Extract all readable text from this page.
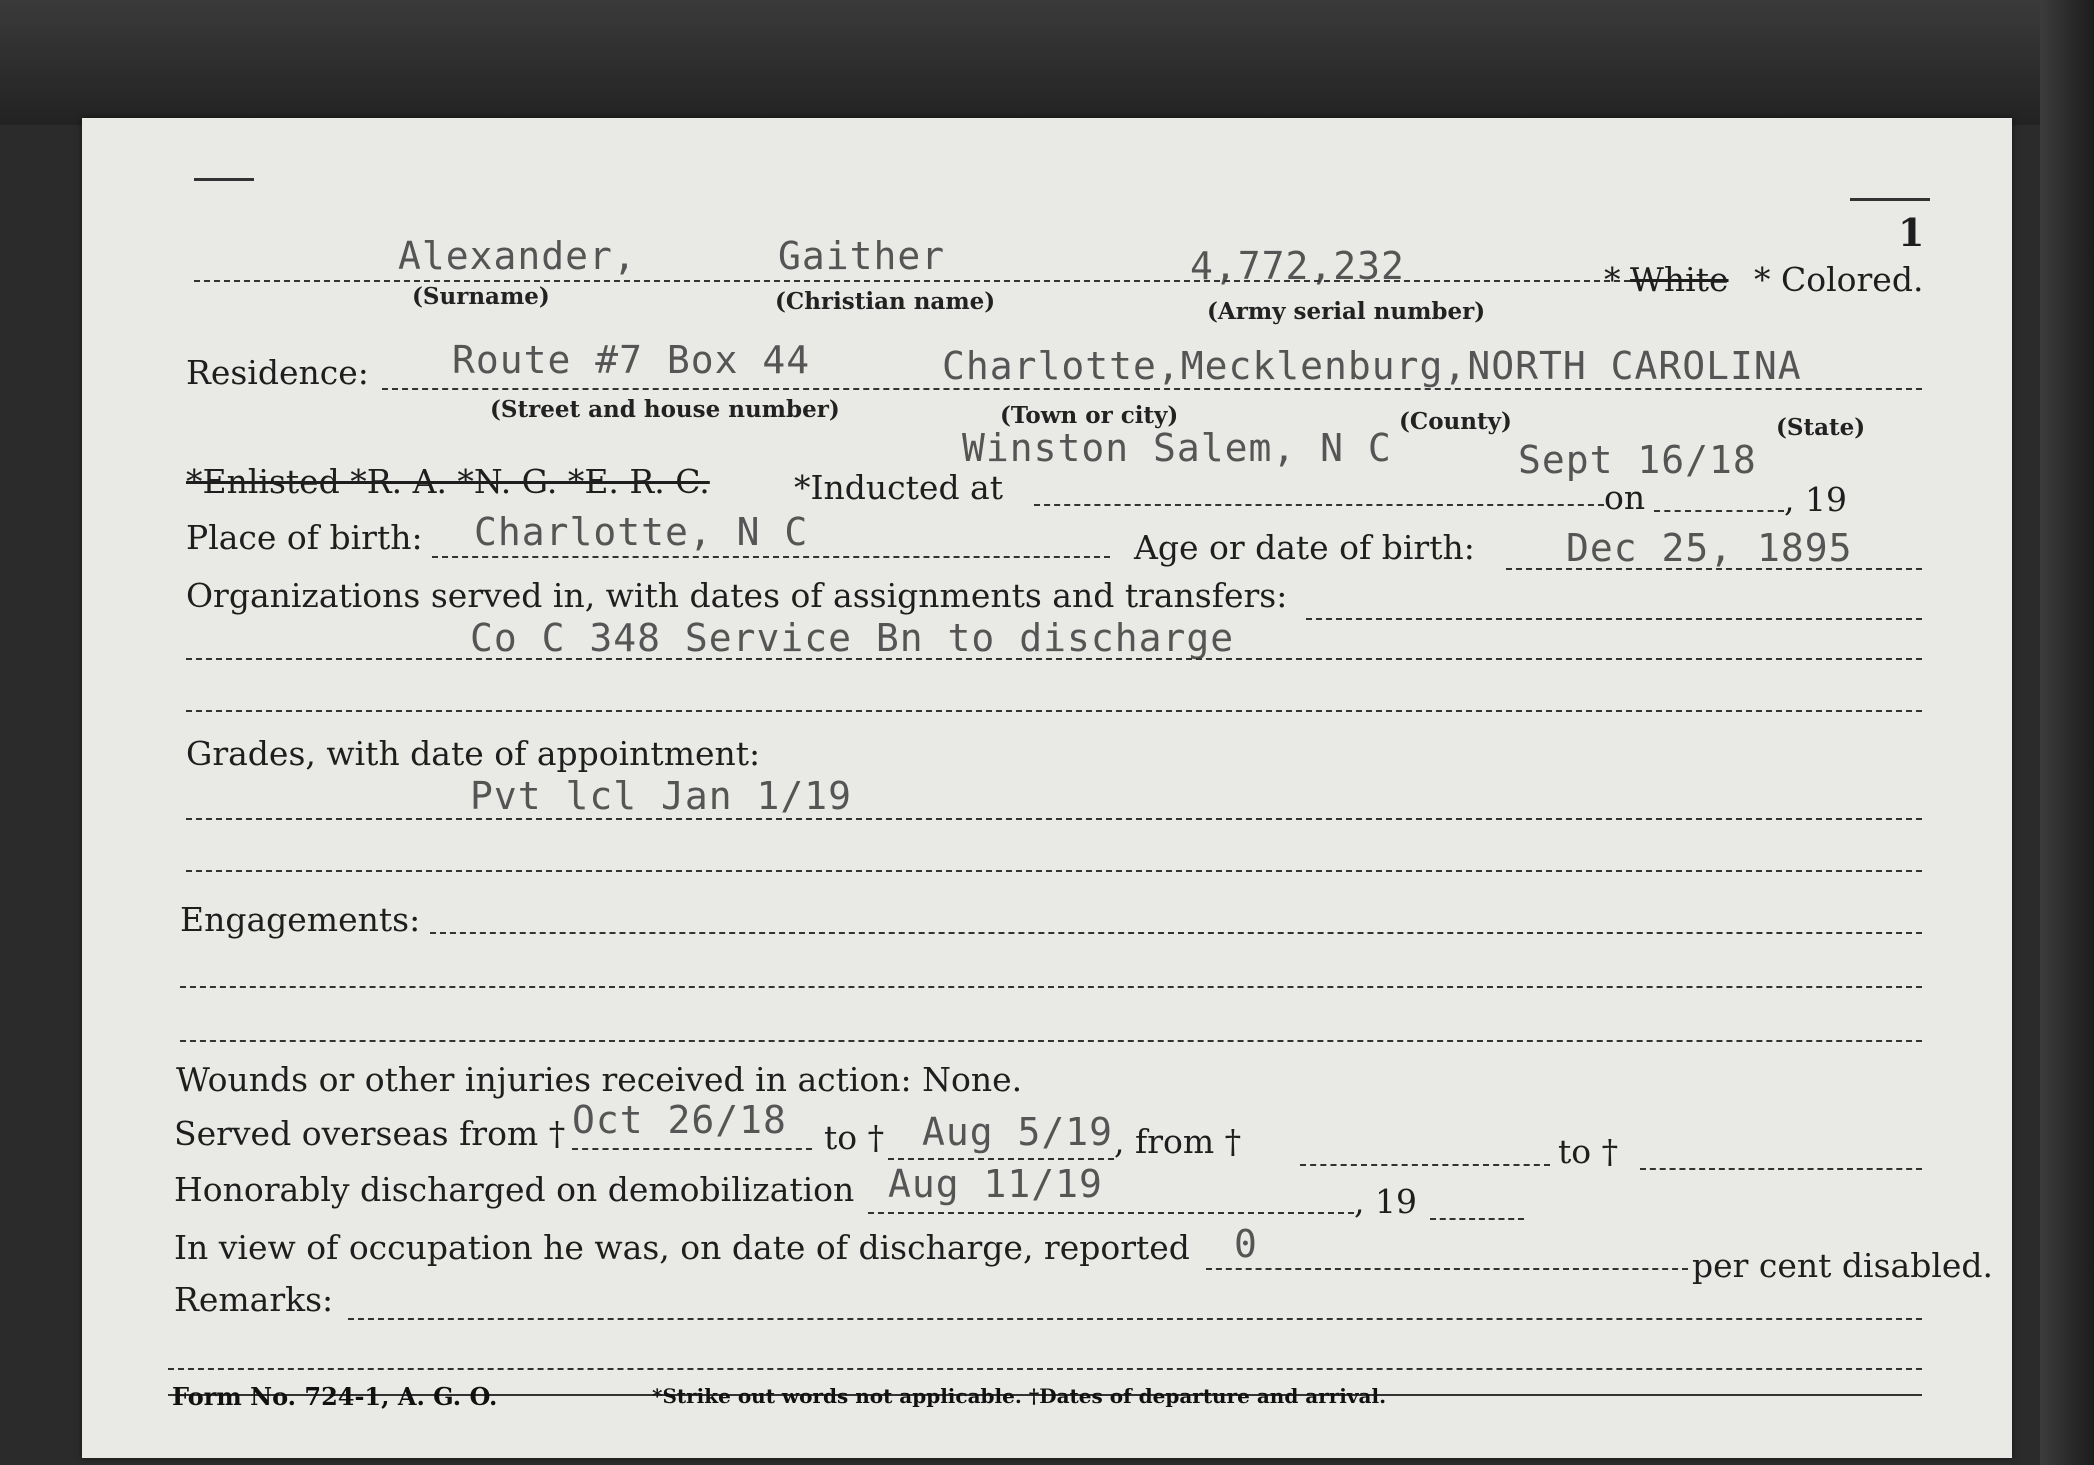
1
Alexander,	Gaither	4,772,232	* White * Colored.
(Surname)	(Christian name)	(Army serial number)
Residence: Route #7 Box 44	Charlotte,Mecklenburg,NORTH CAROLINA
(Street and house number)	(Town or city)	(County)	(State)
Winston Salem, N C	Sept 16/18
*Enlisted *R. A. *N. G. *E. R. C.	*Inducted at	on	, 19
Place of birth: Charlotte, N C	Age or date of birth: Dec 25, 1895
Organizations served in, with dates of assignments and transfers:
Co C 348 Service Bn to discharge
Grades, with date of appointment:
Pvt lcl Jan 1/19
Engagements:
Wounds or other injuries received in action: None.
Served overseas from † Oct 26/18 to † Aug 5/19 , from †	to †
Honorably discharged on demobilization Aug 11/19	, 19
In view of occupation he was, on date of discharge, reported 0	per cent disabled.
Remarks:
Form No. 724-1, A. G. O.	*Strike out words not applicable. †Dates of departure and arrival.
